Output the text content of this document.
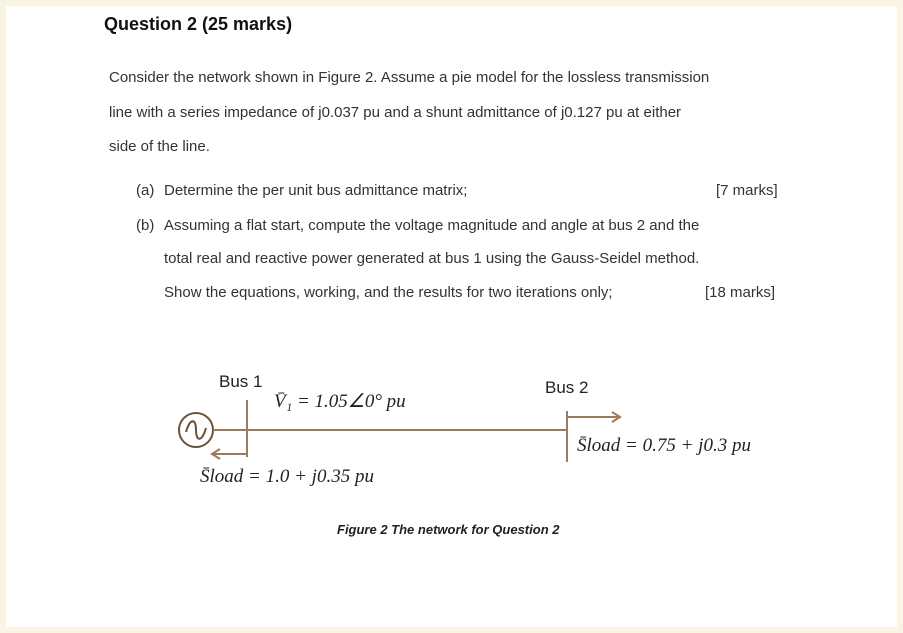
Question 2 (25 marks)
Consider the network shown in Figure 2. Assume a pie model for the lossless transmission
line with a series impedance of j0.037 pu and a shunt admittance of j0.127 pu at either
side of the line.
(a) Determine the per unit bus admittance matrix;	[7 marks]
(b) Assuming a flat start, compute the voltage magnitude and angle at bus 2 and the
total real and reactive power generated at bus 1 using the Gauss-Seidel method.
Show the equations, working, and the results for two iterations only;	[18 marks]
Bus 1	Bus 2
V̄₁ = 1.05∠0° pu
S̄load = 0.75 + j0.3 pu
S̄load = 1.0 + j0.35 pu
Figure 2 The network for Question 2
